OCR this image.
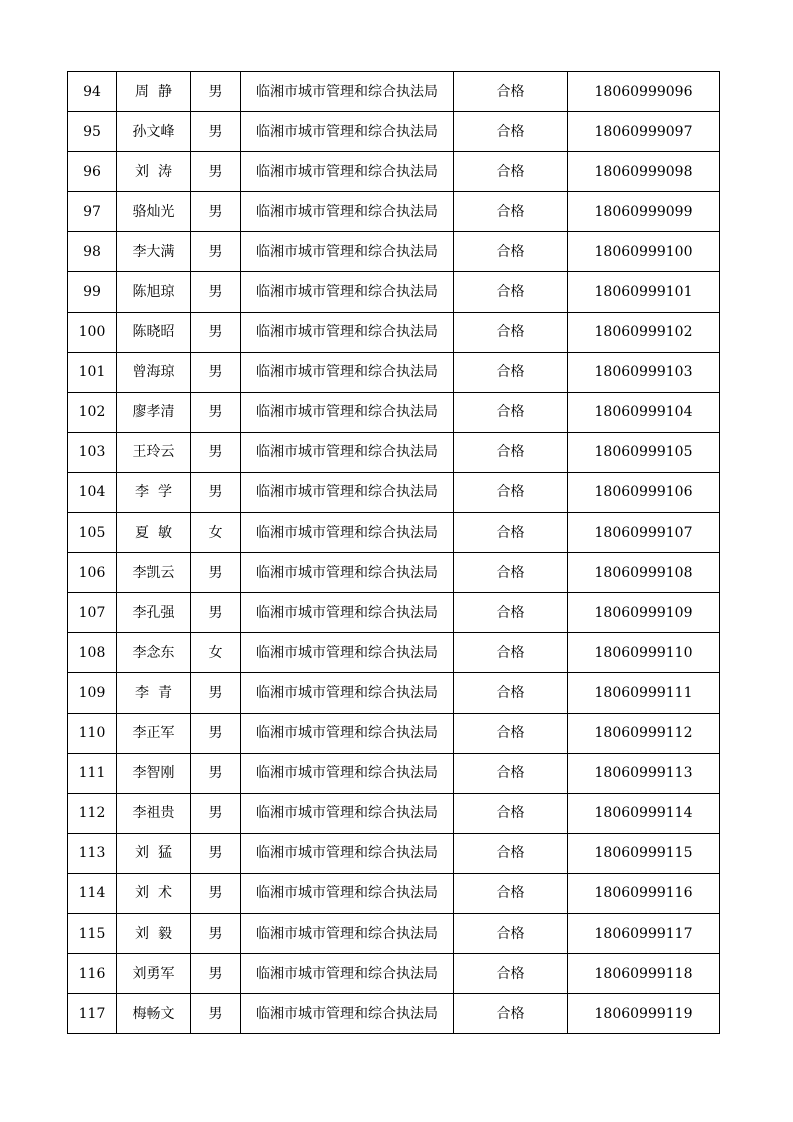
94	周  静	男	临湘市城市管理和综合执法局	合格	18060999096
95	孙文峰	男	临湘市城市管理和综合执法局	合格	18060999097
96	刘  涛	男	临湘市城市管理和综合执法局	合格	18060999098
97	骆灿光	男	临湘市城市管理和综合执法局	合格	18060999099
98	李大满	男	临湘市城市管理和综合执法局	合格	18060999100
99	陈旭琼	男	临湘市城市管理和综合执法局	合格	18060999101
100	陈晓昭	男	临湘市城市管理和综合执法局	合格	18060999102
101	曾海琼	男	临湘市城市管理和综合执法局	合格	18060999103
102	廖孝清	男	临湘市城市管理和综合执法局	合格	18060999104
103	王玲云	男	临湘市城市管理和综合执法局	合格	18060999105
104	李  学	男	临湘市城市管理和综合执法局	合格	18060999106
105	夏  敏	女	临湘市城市管理和综合执法局	合格	18060999107
106	李凯云	男	临湘市城市管理和综合执法局	合格	18060999108
107	李孔强	男	临湘市城市管理和综合执法局	合格	18060999109
108	李念东	女	临湘市城市管理和综合执法局	合格	18060999110
109	李  青	男	临湘市城市管理和综合执法局	合格	18060999111
110	李正军	男	临湘市城市管理和综合执法局	合格	18060999112
111	李智刚	男	临湘市城市管理和综合执法局	合格	18060999113
112	李祖贵	男	临湘市城市管理和综合执法局	合格	18060999114
113	刘  猛	男	临湘市城市管理和综合执法局	合格	18060999115
114	刘  术	男	临湘市城市管理和综合执法局	合格	18060999116
115	刘  毅	男	临湘市城市管理和综合执法局	合格	18060999117
116	刘勇军	男	临湘市城市管理和综合执法局	合格	18060999118
117	梅畅文	男	临湘市城市管理和综合执法局	合格	18060999119
